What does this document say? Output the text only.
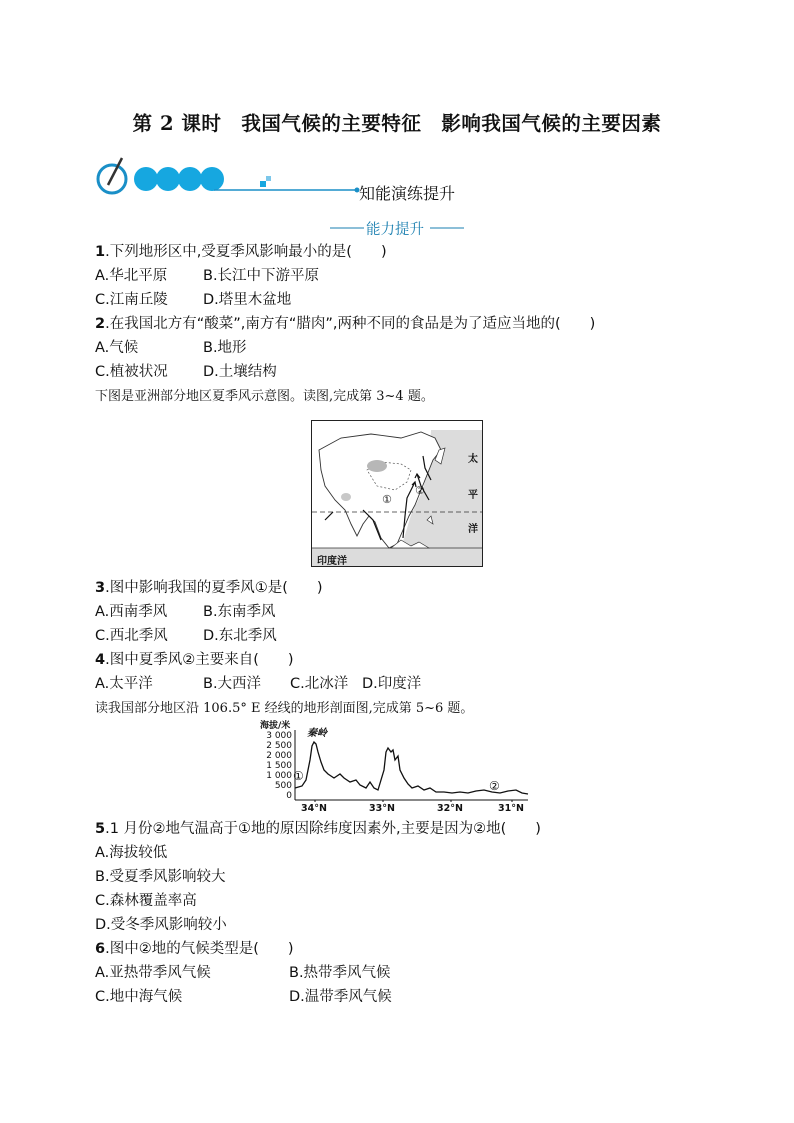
第 2 课时　我国气候的主要特征　影响我国气候的主要因素
知能演练提升
能力提升
1.下列地形区中,受夏季风影响最小的是(　　)
A.华北平原 B.长江中下游平原
C.江南丘陵 D.塔里木盆地
2.在我国北方有“酸菜”,南方有“腊肉”,两种不同的食品是为了适应当地的(　　)
A.气候	B.地形
C.植被状况 D.土壤结构
下图是亚洲部分地区夏季风示意图。读图,完成第 3~4 题。
①
②
太
平
洋
印度洋
3.图中影响我国的夏季风①是(　　)
A.西南季风 B.东南季风
C.西北季风 D.东北季风
4.图中夏季风②主要来自(　　)
A.太平洋	B.大西洋 C.北冰洋 D.印度洋
读我国部分地区沿 106.5° E 经线的地形剖面图,完成第 5~6 题。
海拔/米
3 000
2 500
2 000
1 500
1 000
500
0
秦岭
①
②
34°N	33°N	32°N	31°N
5.1 月份②地气温高于①地的原因除纬度因素外,主要是因为②地(　　)
A.海拔较低
B.受夏季风影响较大
C.森林覆盖率高
D.受冬季风影响较小
6.图中②地的气候类型是(　　)
A.亚热带季风气候	B.热带季风气候
C.地中海气候	D.温带季风气候
